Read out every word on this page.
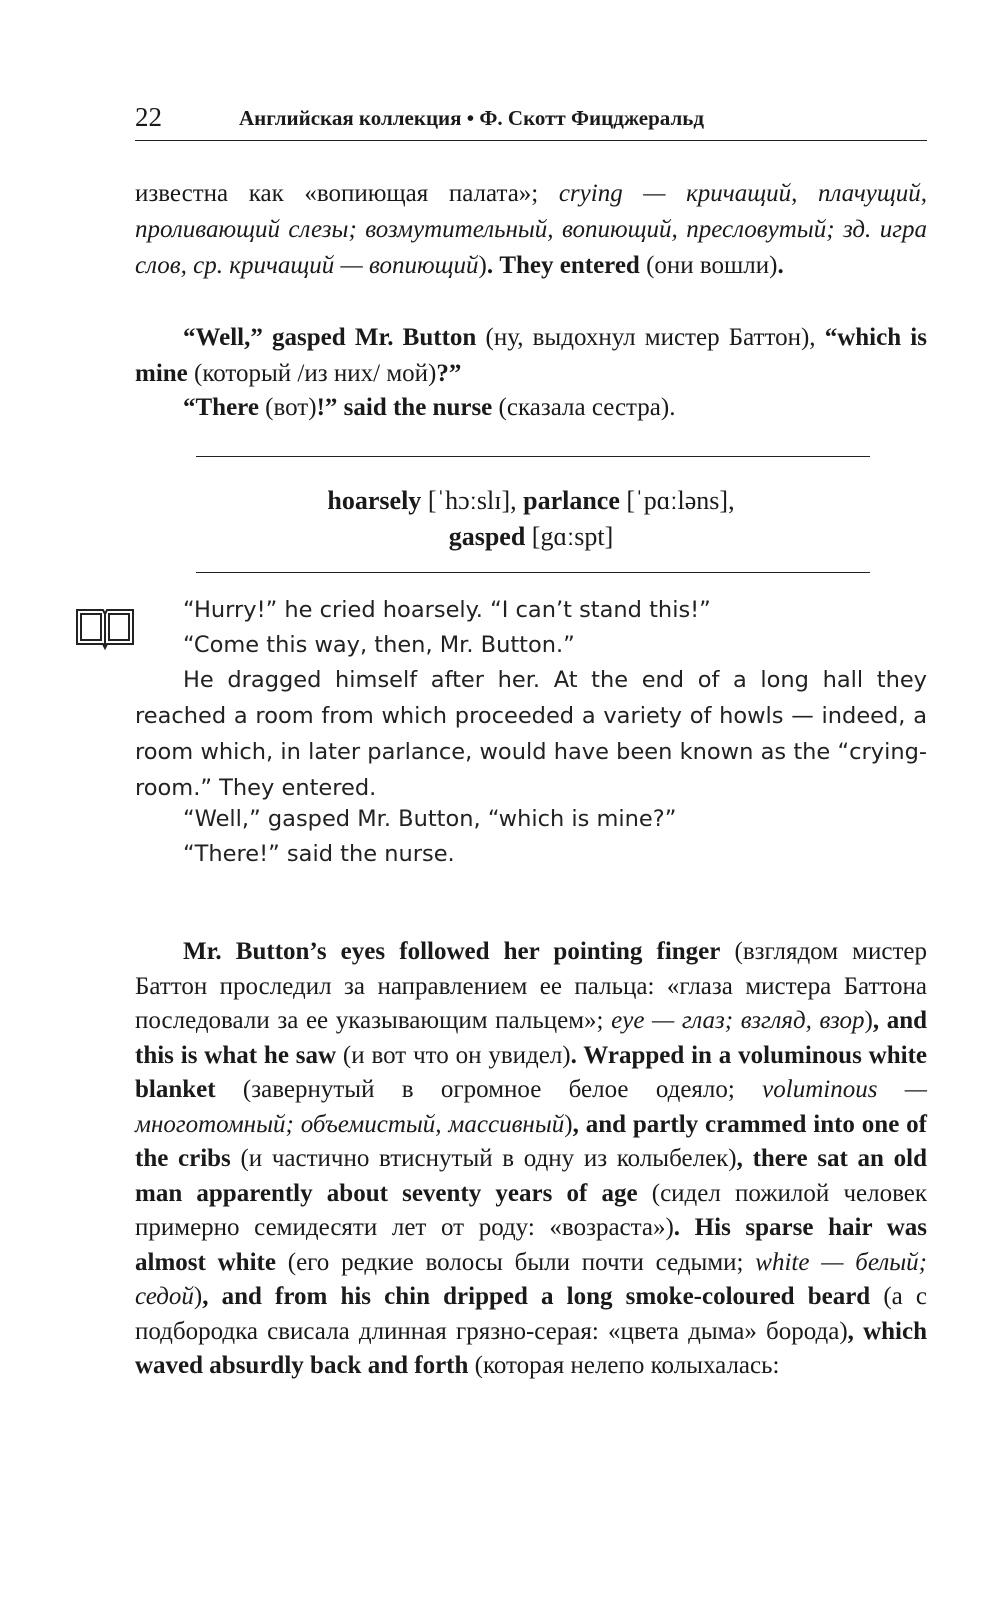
22	Английская коллекция • Ф. Скотт Фицджеральд

известна как «вопиющая палата»; crying — кричащий, плачущий, проливающий слезы; возмутительный, вопиющий, пресловутый; зд. игра слов, ср. кричащий — вопиющий). They entered (они вошли).

“Well,” gasped Mr. Button (ну, выдохнул мистер Баттон), “which is mine (который /из них/ мой)?”

“There (вот)!” said the nurse (сказала сестра).

hoarsely [ˈhɔːslɪ], parlance [ˈpɑːləns],

gasped [gɑːspt]

“Hurry!” he cried hoarsely. “I can’t stand this!”

“Come this way, then, Mr. Button.”

He dragged himself after her. At the end of a long hall they reached a room from which proceeded a variety of howls — indeed, a room which, in later parlance, would have been known as the “crying-room.” They entered.

“Well,” gasped Mr. Button, “which is mine?”

“There!” said the nurse.

Mr. Button’s eyes followed her pointing finger (взглядом мистер Баттон проследил за направлением ее пальца: «глаза мистера Баттона последовали за ее указывающим пальцем»; eye — глаз; взгляд, взор), and this is what he saw (и вот что он увидел). Wrapped in a voluminous white blanket (завернутый в огромное белое одеяло; voluminous — многотомный; объемистый, массивный), and partly crammed into one of the cribs (и частично втиснутый в одну из колыбелек), there sat an old man apparently about seventy years of age (сидел пожилой человек примерно семидесяти лет от роду: «возраста»). His sparse hair was almost white (его редкие волосы были почти седыми; white — белый; седой), and from his chin dripped a long smoke-coloured beard (а с подбородка свисала длинная грязно-серая: «цвета дыма» борода), which waved absurdly back and forth (которая нелепо колыхалась:
